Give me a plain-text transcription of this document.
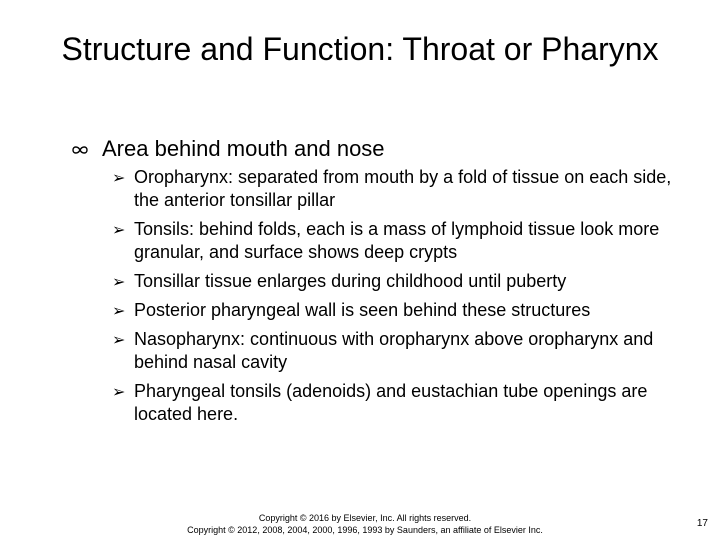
Structure and Function: Throat or Pharynx
Area behind mouth and nose
➢ Oropharynx: separated from mouth by a fold of tissue on each side, the anterior tonsillar pillar
➢ Tonsils: behind folds, each is a mass of lymphoid tissue look more granular, and surface shows deep crypts
➢ Tonsillar tissue enlarges during childhood until puberty
➢ Posterior pharyngeal wall is seen behind these structures
➢ Nasopharynx: continuous with oropharynx above oropharynx and behind nasal cavity
➢ Pharyngeal tonsils (adenoids) and eustachian tube openings are located here.
Copyright © 2016 by Elsevier, Inc. All rights reserved.
Copyright © 2012, 2008, 2004, 2000, 1996, 1993 by Saunders, an affiliate of Elsevier Inc.
17
